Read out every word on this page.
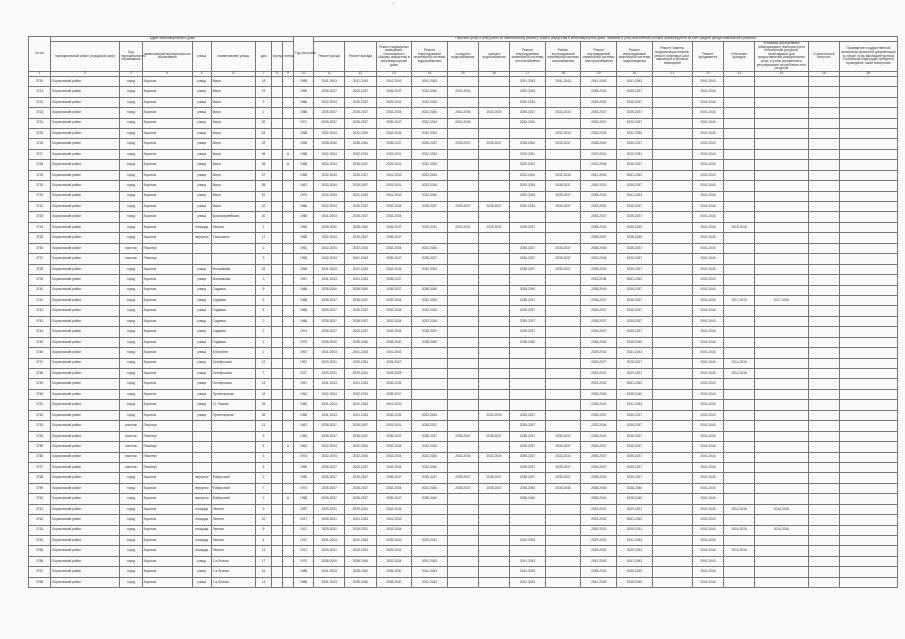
'
№ п/п	Адрес многоквартирного дома								Год постройки	Перечень услуг и (или) работ по капитальному ремонту общего имущества в многоквартирном доме, оказание и (или) выполнение которых финансируется за счет средств фонда капитального ремонта															
	муниципальный район (городской округ)	Код муниципального образования	наименование муниципального образования	улица	наименование улицы	дом	корпус	литера		Ремонт крыши	Ремонт фасада	Ремонт подвальных помещений, относящихся к общему имуществу в многоквартирном доме	Ремонт внутридомовой инженерной системы водоснабжения	холодного водоснабжения	горячего водоснабжения	Ремонт внутридомовой инженерной системы теплоснабжения	Ремонт внутридомовой инженерной системы газоснабжения	Ремонт внутридомовой инженерной системы электроснабжения	Ремонт внутридомовой инженерной системы водоотведения	Ремонт, замена, модернизация лифтов, ремонт лифтовых шахт, машинных и блочных помещений	Ремонт фундамента	Утепление фасадов	Установка коллективных (общедомовых) приборов учета потребления ресурсов, необходимых для предоставления коммунальных услуг, и узлов управления и регулирования потребления этих ресурсов	Строительный контроль	Проведение государственной экспертизы проектной документации в случае, если законодательством Российской Федерации требуется проведение такой экспертизы
1	2	3	4	5	6	7	8	9	10	11	12	13	14	15	16	17	18	19	20	21	22	23	24	25	26
3720	Борисовский район	город	Борисов	улица	Мира	18			1959	2041-2043	2041-2043	2041-2043	2041-2043			2041-2043	2041-2043	2041-2043	2041-2043		2041-2043				
3721	Борисовский район	город	Борисов	улица	Мира	19			1969	2035-2037	2035-2037	2035-2037	2032-2034	2032-2034		2032-2034		2038-2040	2035-2037		2041-2043				
3722	Борисовский район	город	Борисов	улица	Мира	9			1966	2032-2034	2035-2037	2029-2031	2032-2034			2032-2034		2029-2031	2035-2037		2041-2043				
3723	Борисовский район	город	Борисов	улица	Мира	2			1988	2035-2037	2035-2037	2032-2034	2032-2034	2032-2034	2032-2034	2035-2037	2032-2034	2035-2037	2035-2037		2041-2043				
3724	Борисовский район	город	Борисов	улица	Мира	32			1971	2035-2037	2035-2037	2035-2037	2032-2034	2032-2034		2032-2034		2035-2037	2035-2037		2041-2043				
3725	Борисовский район	город	Борисов	улица	Мира	43			1958	2032-2034	2032-2034	2032-2034	2032-2034				2032-2034	2032-2034	2032-2034		2041-2043				
3726	Борисовский район	город	Борисов	улица	Мира	22			1998	2038-2040	2038-2040	2035-2037	2035-2037	2035-2037	2035-2037	2038-2040	2035-2037	2038-2040	2035-2037		2041-2043				
3727	Борисовский район	город	Борисов	улица	Мира	36		А	1968	2032-2034	2032-2034	2029-2031	2032-2034			2029-2031		2029-2031	2029-2031		2041-2043				
3728	Борисовский район	город	Борисов	улица	Мира	38		А	1968	2032-2034	2035-2037	2029-2031	2032-2034			2029-2031		2032-2034	2035-2037		2041-2043				
3729	Борисовский район	город	Борисов	улица	Мира	57			1968	2032-2034	2035-2037	2041-2043	2032-2034			2032-2034	2032-2034	2041-2043	2041-2043		2041-2043				
3730	Борисовский район	город	Борисов	улица	Мира	59			1967	2032-2034	2029-2037	2029-2031	2032-2034			2032-2034	2035-2037	2029-2031	2035-2037		2041-2043				
3731	Борисовский район	город	Борисов	улица	Мира	61			1970	2032-2034	2041-2043	2041-2043	2032-2034			2032-2034	2035-2037	2038-2040	2041-2043		2041-2043				
3732	Борисовский район	город	Борисов	улица	Мира	42			1966	2032-2034	2035-2037	2032-2034	2035-2037	2035-2037	2035-2037	2032-2034	2035-2037	2032-2034	2035-2037		2041-2043				
3733	Борисовский район	город	Борисов	улица	Красноармейская	30			1956	2041-2043	2035-2037	2032-2034						2035-2037	2035-2037		2041-2043				
3734	Борисовский район	город	Борисов	площадь	Ленина	1			1960	2038-2040	2038-2040	2035-2037	2029-2031	2029-2031	2029-2031	2035-2037		2038-2040	2038-2040		2041-2043	2015-2016			
3735	Борисовский район	город	Борисов	переулок	Тимошенко	17			1965	2032-2034	2035-2037	2035-2037						2035-2037	2038-2040		2041-2043				
3736	Борисовский район	поселок	Пешнеух			2			1961	2032-2034	2032-2034	2032-2034	2032-2034			2035-2037	2035-2037	2038-2040	2035-2037		2041-2043				
3737	Борисовский район	поселок	Пешнеух			3			1965	2032-2034	2041-2043	2035-2037	2035-2037			2035-2037	2035-2037	2032-2034	2035-2037		2041-2043				
3738	Борисовский район	город	Борисов	улица	Московская	22			1956	2041-2043	2041-2043	2032-2034	2032-2034			2035-2037	2035-2037	2038-2040	2035-2037		2041-2043				
3739	Борисовский район	город	Борисов	улица	Московская	3			1957	2041-2043	2041-2043	2035-2037						2032-2034	2041-2043		2041-2043				
3740	Борисовский район	город	Борисов	улица	Садовая	5			1966	2038-2040	2038-2040	2035-2037	2038-2040			2038-2040		2038-2040	2035-2037		2041-2043				
3741	Борисовский район	город	Борисов	улица	Садовая	5			1968	2035-2037	2035-2037	2032-2034	2032-2034			2035-2037		2035-2037	2035-2037		2041-2043	2017-2019	2017-2019		
3742	Борисовский район	город	Борисов	улица	Садовая	4			1965	2035-2037	2035-2037	2032-2034	2032-2034			2035-2037		2035-2037	2035-2037		2041-2043				
3743	Борисовский район	город	Борисов	улица	Садовая	2			1968	2035-2037	2035-2037	2032-2034	2032-2034			2035-2037		2035-2037	2035-2037		2041-2043				
3744	Борисовский район	город	Борисов	улица	Садовая	2			1974	2035-2037	2035-2037	2032-2034	2035-2037			2035-2037		2035-2037	2035-2037		2041-2043				
3745	Борисовский район	город	Борисов	улица	Садовая	1			1970	2038-2040	2038-2040	2038-2040	2038-2040			2038-2040		2038-2040	2038-2040		2041-2043				
3746	Борисовский район	город	Борисов	улица	8 Березня	2			1967	2041-2043	2041-2043	2041-2043						2029-2031	2041-2043		2041-2043				
3747	Борисовский район	город	Борисов	улица	Октябрьская	12			1967	2029-2031	2029-2031	2025-2027						2025-2027	2025-2027		2041-2043	2014-2016			
3748	Борисовский район	город	Борисов	улица	Октябрьская	7			1917	2029-2031	2029-2031	2025-2025						2029-2031	2029-2031		2041-2043	2014-2016			
3749	Борисовский район	город	Борисов	улица	Октябрьская	14			1957	2041-2043	2041-2043	2032-2034						2029-2031	2041-2043		2041-2043				
3750	Борисовский район	город	Борисов	улица	Пролетарская	42			1961	2032-2034	2032-2034	2035-2037						2038-2040	2038-2040		2041-2043				
3751	Борисовский район	город	Борисов	улица	Ст. Разина	33			1960	2041-2043	2041-2043	2041-2043						2038-2040	2041-2043		2041-2043				
3752	Борисовский район	город	Борисов	улица	Пролетарская	35			1965	2041-2043	2041-2043	2032-2034	2032-2034		2032-2034	2035-2037		2035-2037	2035-2037		2041-2043				
3753	Борисовский район	поселок	Пешнеух			11			1967	2035-2037	2035-2037	2029-2031	2035-2037			2035-2037		2032-2034	2035-2037		2041-2043				
3754	Борисовский район	поселок	Пешнеух			9			1984	2035-2037	2035-2037	2035-2037	2035-2037	2035-2037	2035-2037	2035-2037	2035-2037	2038-2040	2035-2037		2041-2043				
3755	Борисовский район	поселок	Пешнеух			4		А	1962	2032-2034	2032-2034	2032-2034	2032-2034			2035-2037	2035-2037	2035-2037	2035-2037		2041-2043				
3756	Борисовский район	поселок	Пешнеух			5			1974	2032-2034	2032-2034	2032-2034	2032-2034	2032-2034	2032-2034	2035-2037	2032-2034	2035-2037	2035-2037		2041-2043				
3757	Борисовский район	поселок	Пешнеух			6			1969	2035-2037	2035-2037	2032-2034	2032-2034			2035-2037	2035-2037	2035-2037	2035-2037		2041-2043				
3758	Борисовский район	город	Борисов	переулок	Фабричный	2			1980	2035-2037	2035-2037	2035-2037	2035-2037	2035-2037	2035-2037	2035-2037	2035-2037	2038-2040	2035-2037		2041-2043				
3759	Борисовский район	город	Борисов	переулок	Фабричный	7			1974	2035-2037	2035-2037	2032-2034	2032-2034	2035-2037	2035-2037	2038-2040	2038-2040	2038-2040	2038-2040		2041-2043				
3760	Борисовский район	город	Борисов	переулок	Фабричный	2		А	1968	2035-2037	2035-2037	2035-2037	2038-2040			2038-2040		2038-2040	2038-2040		2041-2043				
3761	Борисовский район	город	Борисов	площадь	Ленина	9			1957	2029-2031	2029-2031	2032-2034						2029-2031	2029-2031		2041-2043	2014-2016	2014-2016		
3762	Борисовский район	город	Борисов	площадь	Ленина	10			1917	2040-2041	2041-2043	2041-2043						2029-2031	2041-2043		2041-2043				
3763	Борисовский район	город	Борисов	площадь	Ленина	5			1917	2029-2031	2029-2031	2032-2034						2029-2031	2029-2031		2041-2043	2014-2016	2014-2016		
3764	Борисовский район	город	Борисов	площадь	Ленина	4			1917	2041-2043	2041-2043	2032-2033	2029-2031			2032-2034		2029-2031	2041-2043		2041-2043				
3765	Борисовский район	город	Борисов	площадь	Ленина	13			1917	2029-2031	2029-2031	2029-2031						2029-2031	2029-2031		2041-2043	2014-2016			
3766	Борисовский район	город	Борисов	улица	2-я Лесная	17			1970	2038-2040	2038-2040	2032-2034	2041-2043			2041-2043		2041-2043	2041-2043		2041-2043				
3767	Борисовский район	город	Борисов	улица	2-я Лесная	16			1986	2041-2043	2038-2040	2038-2040	2041-2043			2041-2043		2038-2040	2038-2040		2041-2043				
3768	Борисовский район	город	Борисов	улица	2-я Лесная	14			1986	2041-2043	2038-2040	2038-2040	2041-2043			2041-2043		2041-2043	2038-2040		2041-2043				
